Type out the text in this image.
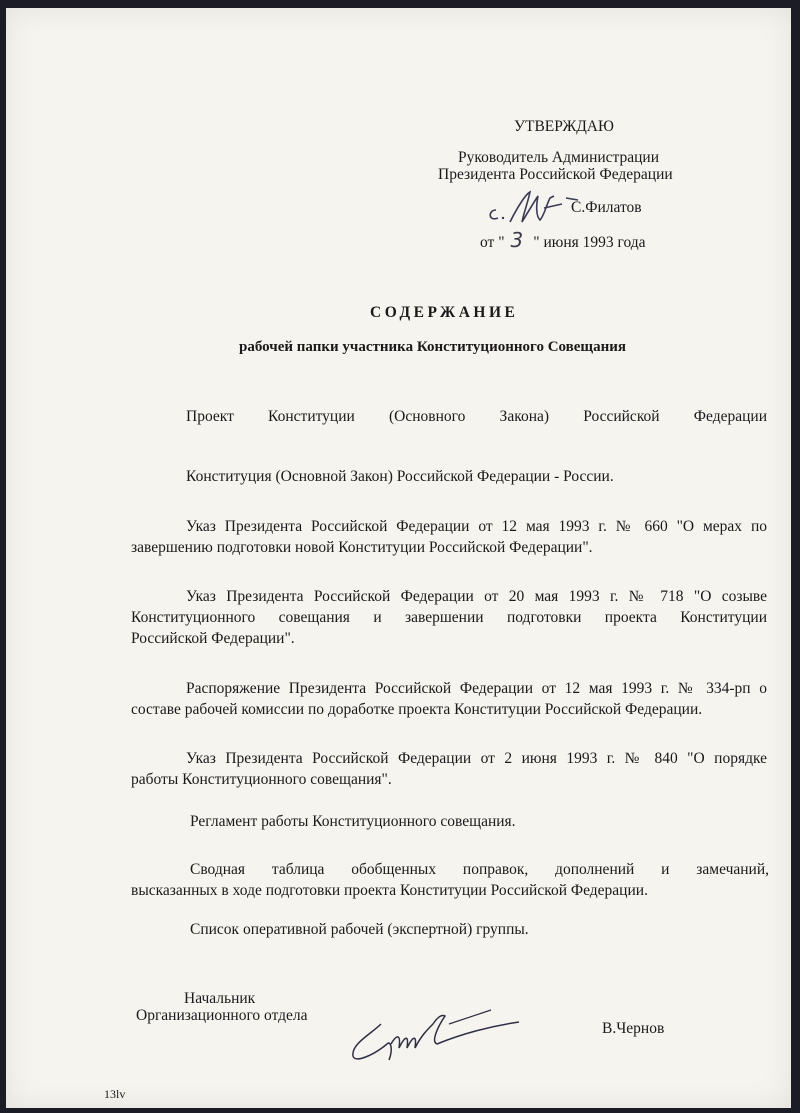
УТВЕРЖДАЮ
Руководитель Администрации
Президента Российской Федерации
С.Филатов
от " 3 " июня 1993 года
СОДЕРЖАНИЕ
рабочей папки участника Конституционного Совещания
Проект Конституции (Основного Закона) Российской Федерации
Конституция (Основной Закон) Российской Федерации - России.
Указ Президента Российской Федерации от 12 мая 1993 г. № 660 "О мерах по
завершению подготовки новой Конституции Российской Федерации".
Указ Президента Российской Федерации от 20 мая 1993 г. № 718 "О созыве
Конституционного совещания и завершении подготовки проекта Конституции
Российской Федерации".
Распоряжение Президента Российской Федерации от 12 мая 1993 г. № 334-рп о
составе рабочей комиссии по доработке проекта Конституции Российской Федерации.
Указ Президента Российской Федерации от 2 июня 1993 г. № 840 "О порядке
работы Конституционного совещания".
Регламент работы Конституционного совещания.
Сводная таблица обобщенных поправок, дополнений и замечаний,
высказанных в ходе подготовки проекта Конституции Российской Федерации.
Список оперативной рабочей (экспертной) группы.
Начальник
Организационного отдела
В.Чернов
13lv
